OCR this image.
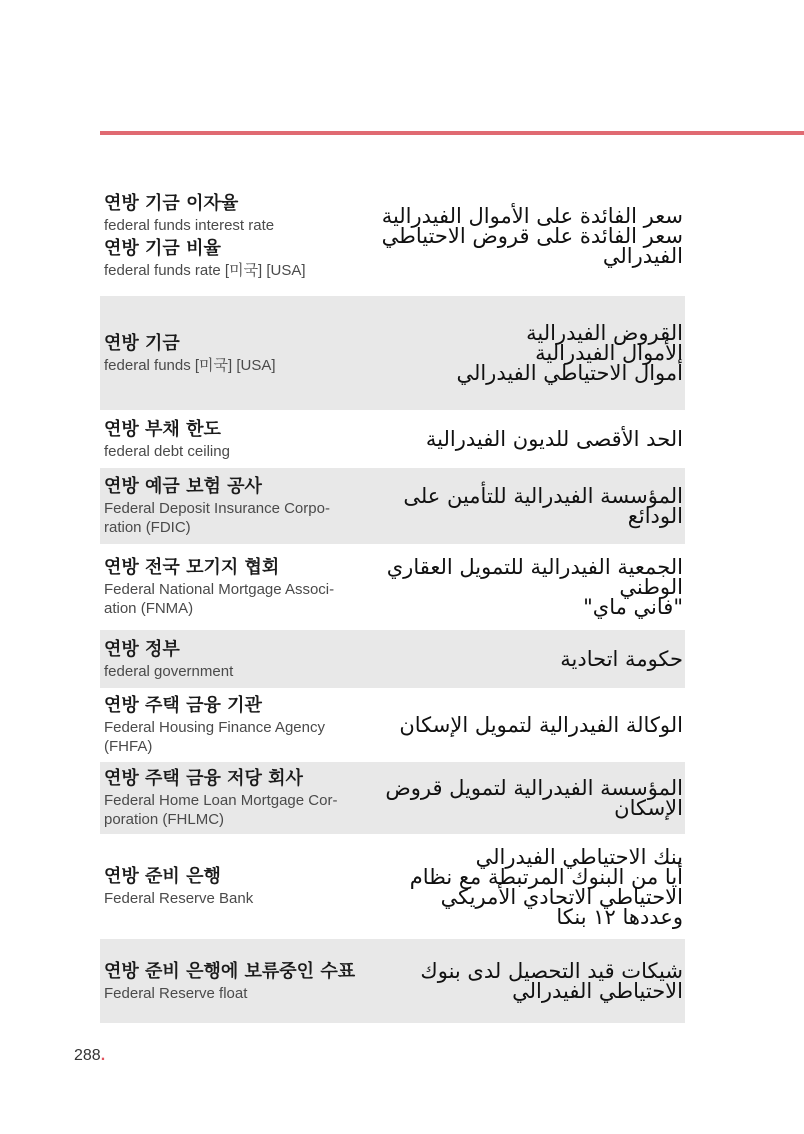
연방 기금 이자율
federal funds interest rate
연방 기금 비율
federal funds rate [미국] [USA]
سعر الفائدة على الأموال الفيدرالية
سعر الفائدة على قروض الاحتياطي
الفيدرالي
연방 기금
federal funds [미국] [USA]
القروض الفيدرالية
الأموال الفيدرالية
أموال الاحتياطي الفيدرالي
연방 부채 한도
federal debt ceiling	الحد الأقصى للديون الفيدرالية
연방 예금 보험 공사
Federal Deposit Insurance Corpo-
ration (FDIC)
المؤسسة الفيدرالية للتأمين على
الودائع
연방 전국 모기지 협회
Federal National Mortgage Associ-
ation (FNMA)
الجمعية الفيدرالية للتمويل العقاري
الوطني
"فاني ماي"
연방 정부
federal government	حكومة اتحادية
연방 주택 금융 기관
Federal Housing Finance Agency
(FHFA)
الوكالة الفيدرالية لتمويل الإسكان
연방 주택 금융 저당 회사
Federal Home Loan Mortgage Cor-
poration (FHLMC)
المؤسسة الفيدرالية لتمويل قروض
الإسكان
연방 준비 은행
Federal Reserve Bank
بنك الاحتياطي الفيدرالي
أيا من البنوك المرتبطة مع نظام
الاحتياطي الاتحادي الأمريكي
وعددها ١٢ بنكا
연방 준비 은행에 보류중인 수표
Federal Reserve float
شيكات قيد التحصيل لدى بنوك
الاحتياطي الفيدرالي
288.
